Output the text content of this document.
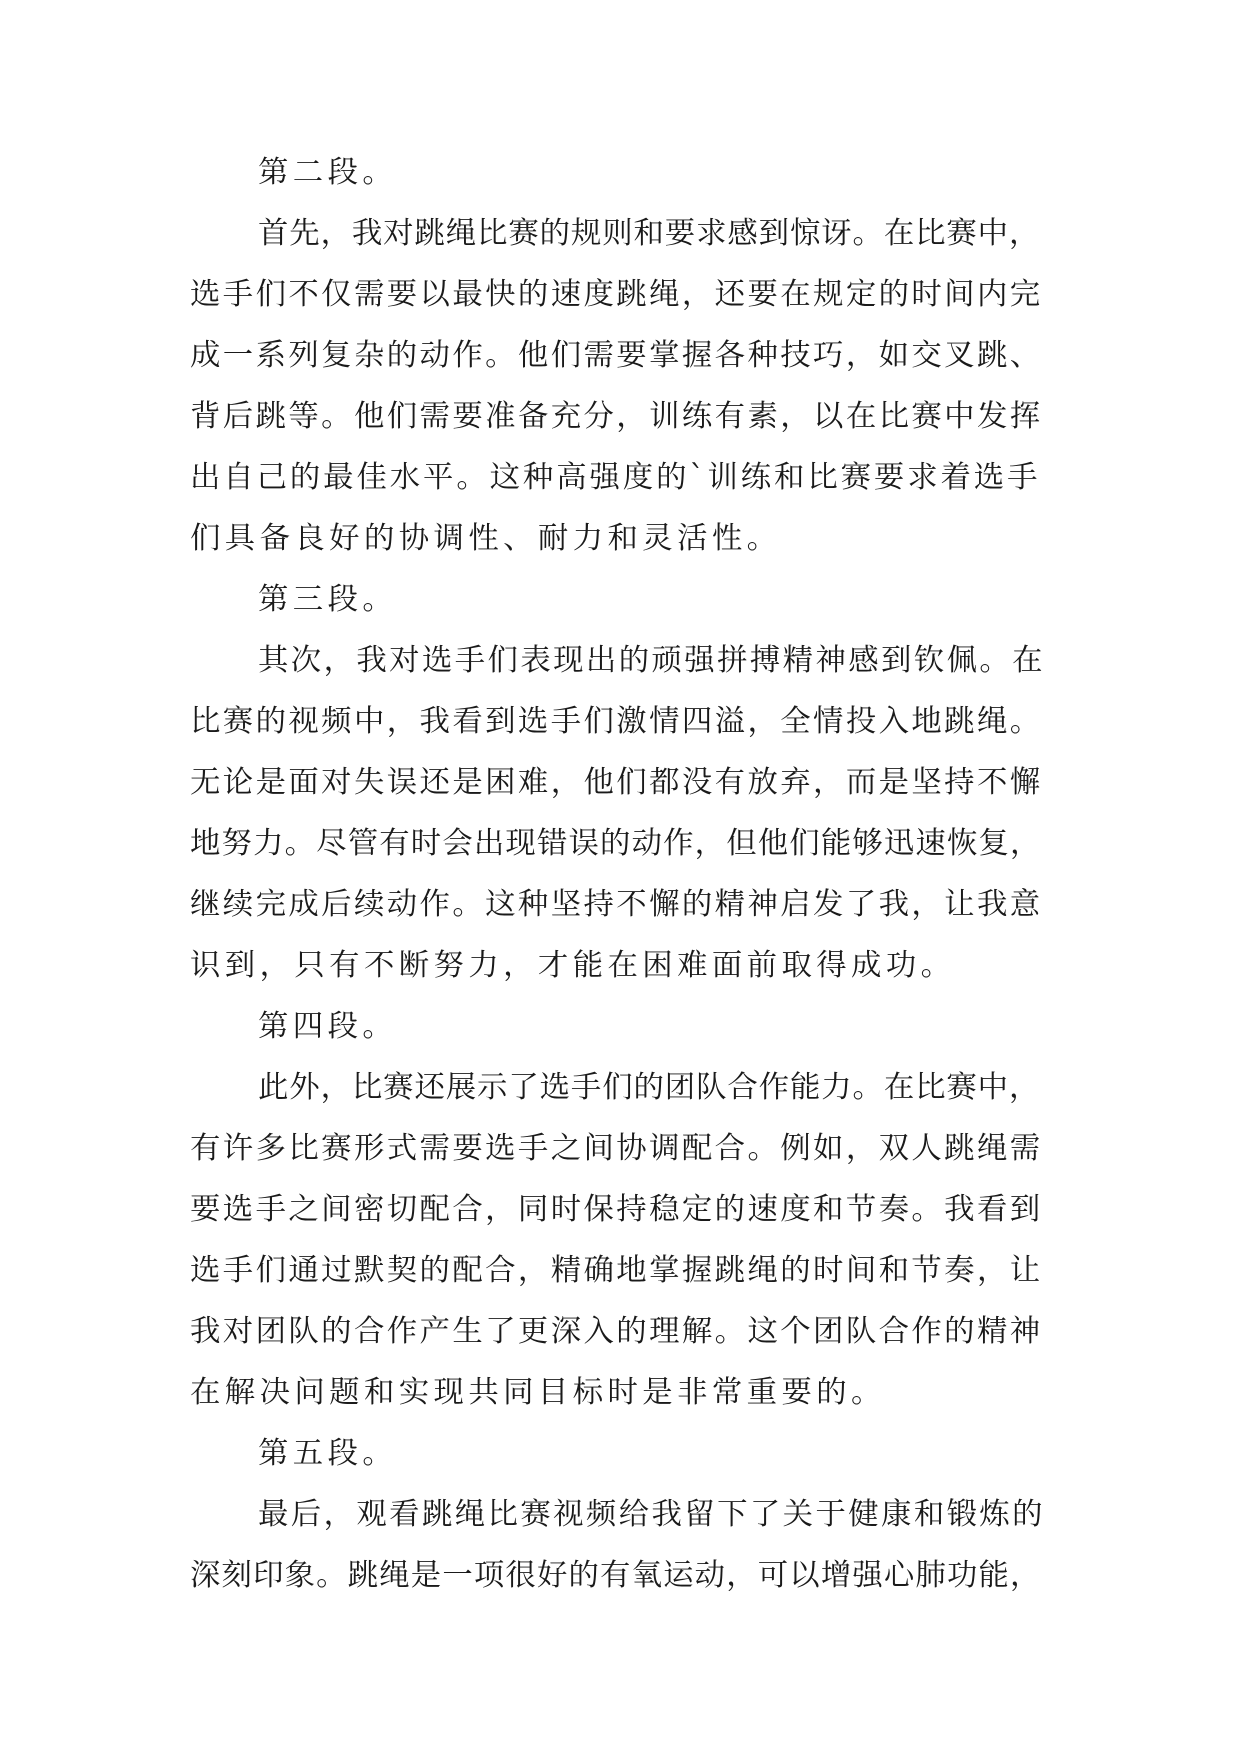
第二段。

首先，我对跳绳比赛的规则和要求感到惊讶。在比赛中，

选手们不仅需要以最快的速度跳绳，还要在规定的时间内完

成一系列复杂的动作。他们需要掌握各种技巧，如交叉跳、

背后跳等。他们需要准备充分，训练有素，以在比赛中发挥

出自己的最佳水平。这种高强度的`训练和比赛要求着选手

们具备良好的协调性、耐力和灵活性。

第三段。

其次，我对选手们表现出的顽强拼搏精神感到钦佩。在

比赛的视频中，我看到选手们激情四溢，全情投入地跳绳。

无论是面对失误还是困难，他们都没有放弃，而是坚持不懈

地努力。尽管有时会出现错误的动作，但他们能够迅速恢复，

继续完成后续动作。这种坚持不懈的精神启发了我，让我意

识到，只有不断努力，才能在困难面前取得成功。

第四段。

此外，比赛还展示了选手们的团队合作能力。在比赛中，

有许多比赛形式需要选手之间协调配合。例如，双人跳绳需

要选手之间密切配合，同时保持稳定的速度和节奏。我看到

选手们通过默契的配合，精确地掌握跳绳的时间和节奏，让

我对团队的合作产生了更深入的理解。这个团队合作的精神

在解决问题和实现共同目标时是非常重要的。

第五段。

最后，观看跳绳比赛视频给我留下了关于健康和锻炼的

深刻印象。跳绳是一项很好的有氧运动，可以增强心肺功能，
